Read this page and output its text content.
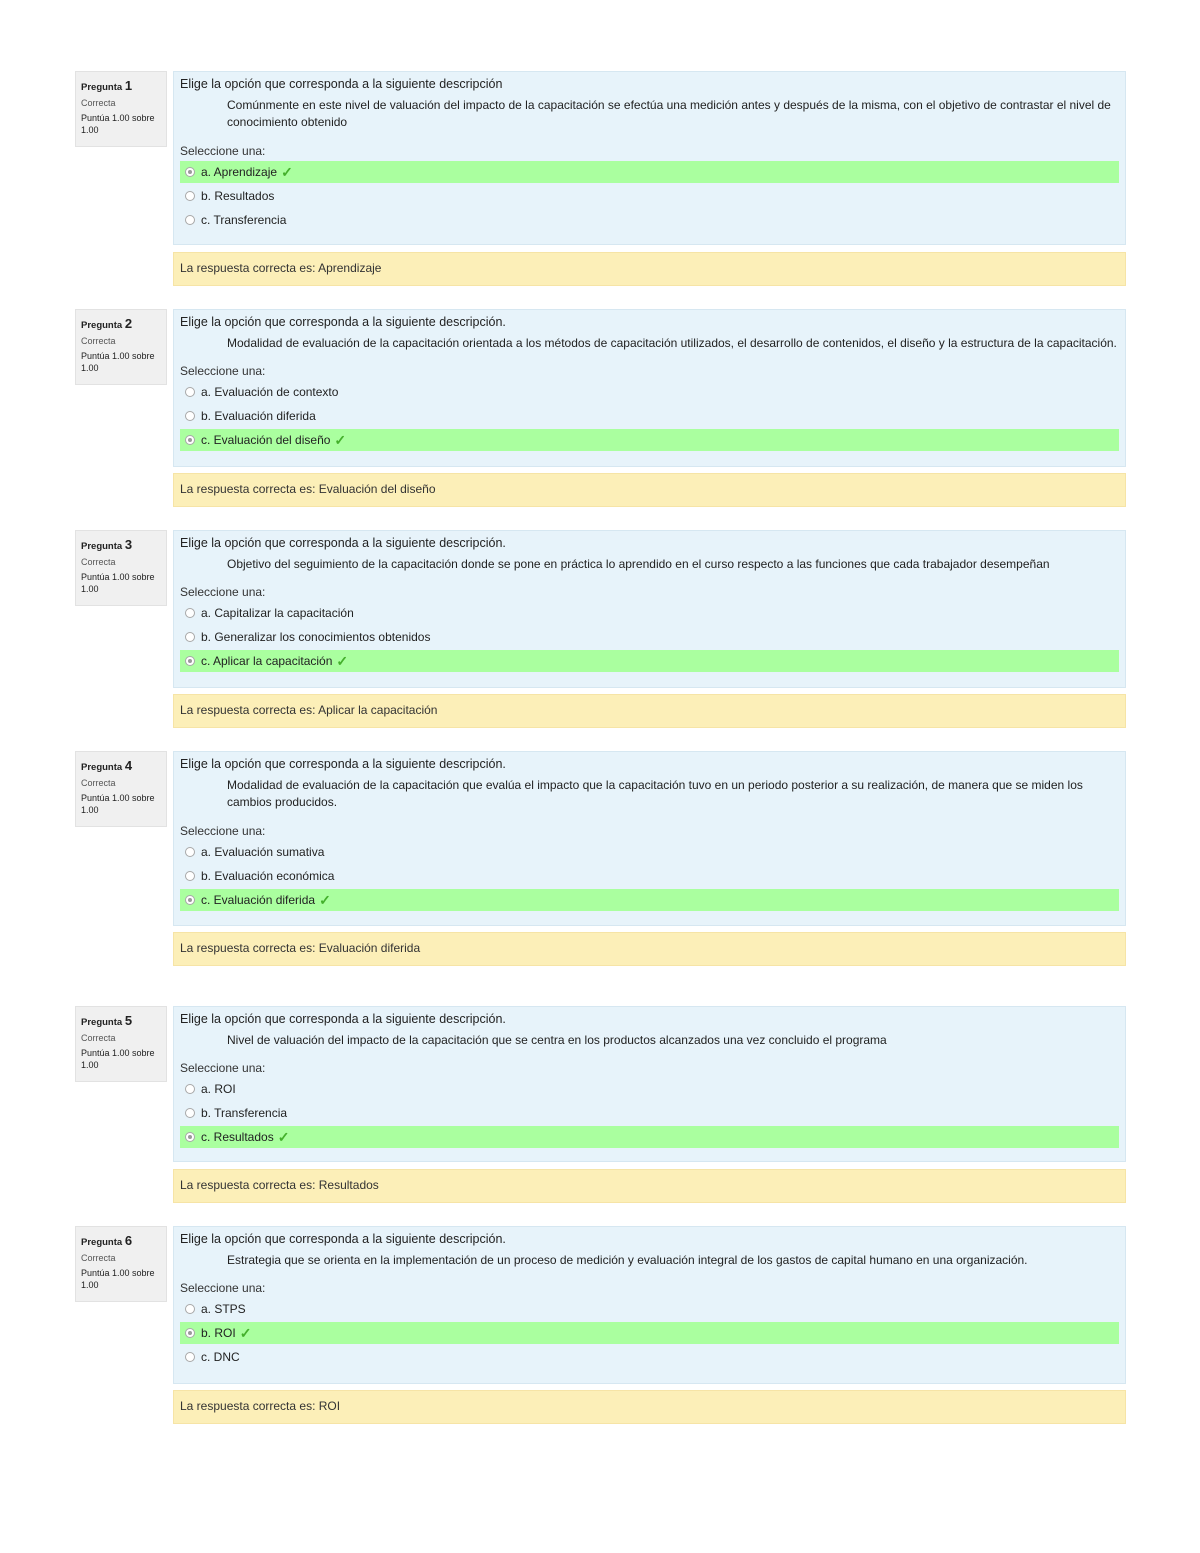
Pregunta 1
Correcta
Puntúa 1.00 sobre 1.00

Elige la opción que corresponda a la siguiente descripción

Comúnmente en este nivel de valuación del impacto de la capacitación se efectúa una medición antes y después de la misma, con el objetivo de contrastar el nivel de conocimiento obtenido

Seleccione una:

a. Aprendizaje ✓
b. Resultados
c. Transferencia
La respuesta correcta es: Aprendizaje
Pregunta 2
Correcta
Puntúa 1.00 sobre 1.00

Elige la opción que corresponda a la siguiente descripción.

Modalidad de evaluación de la capacitación orientada a los métodos de capacitación utilizados, el desarrollo de contenidos, el diseño y la estructura de la capacitación.

Seleccione una:

a. Evaluación de contexto
b. Evaluación diferida
c. Evaluación del diseño ✓
La respuesta correcta es: Evaluación del diseño
Pregunta 3
Correcta
Puntúa 1.00 sobre 1.00

Elige la opción que corresponda a la siguiente descripción.

Objetivo del seguimiento de la capacitación donde se pone en práctica lo aprendido en el curso respecto a las funciones que cada trabajador desempeñan

Seleccione una:

a. Capitalizar la capacitación
b. Generalizar los conocimientos obtenidos
c. Aplicar la capacitación ✓
La respuesta correcta es: Aplicar la capacitación
Pregunta 4
Correcta
Puntúa 1.00 sobre 1.00

Elige la opción que corresponda a la siguiente descripción.

Modalidad de evaluación de la capacitación que evalúa el impacto que la capacitación tuvo en un periodo posterior a su realización, de manera que se miden los cambios producidos.

Seleccione una:

a. Evaluación sumativa
b. Evaluación económica
c. Evaluación diferida ✓
La respuesta correcta es: Evaluación diferida
Pregunta 5
Correcta
Puntúa 1.00 sobre 1.00

Elige la opción que corresponda a la siguiente descripción.

Nivel de valuación del impacto de la capacitación que se centra en los productos alcanzados una vez concluido el programa

Seleccione una:

a. ROI
b. Transferencia
c. Resultados ✓
La respuesta correcta es: Resultados
Pregunta 6
Correcta
Puntúa 1.00 sobre 1.00

Elige la opción que corresponda a la siguiente descripción.

Estrategia que se orienta en la implementación de un proceso de medición y evaluación integral de los gastos de capital humano en una organización.

Seleccione una:

a. STPS
b. ROI ✓
c. DNC
La respuesta correcta es: ROI
